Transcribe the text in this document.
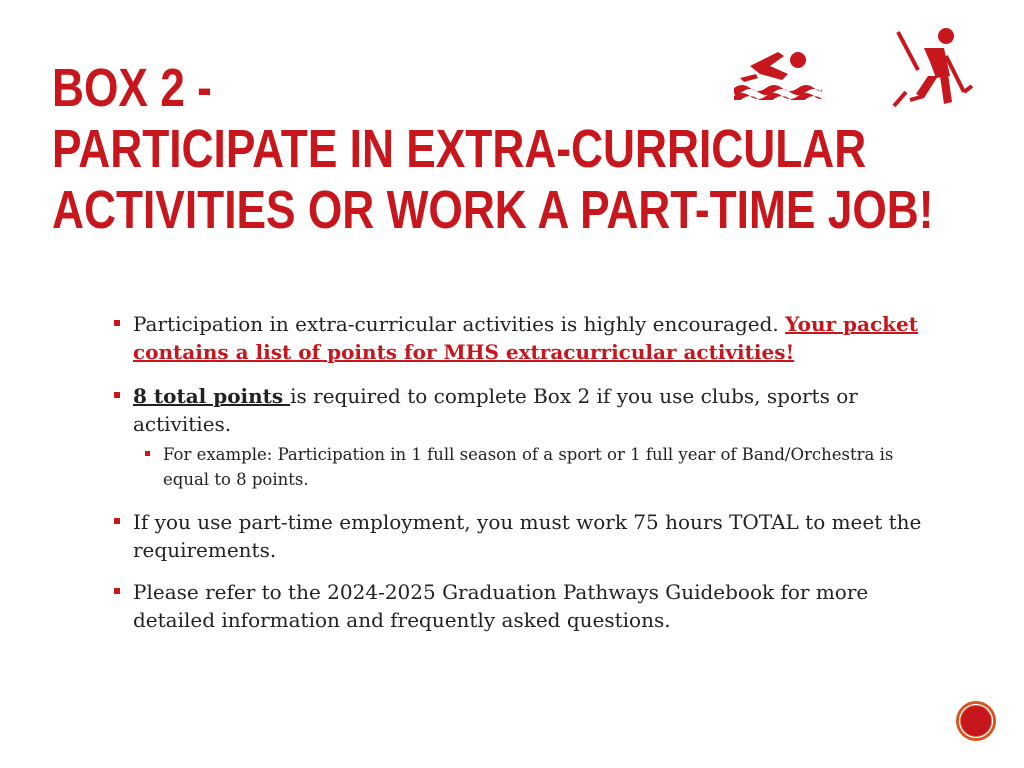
BOX 2 -
PARTICIPATE IN EXTRA-CURRICULAR
ACTIVITIES OR WORK A PART-TIME JOB!
Participation in extra-curricular activities is highly encouraged. Your packet contains a list of points for MHS extracurricular activities!
8 total points is required to complete Box 2 if you use clubs, sports or activities.
For example: Participation in 1 full season of a sport or 1 full year of Band/Orchestra is equal to 8 points.
If you use part-time employment, you must work 75 hours TOTAL to meet the requirements.
Please refer to the 2024-2025 Graduation Pathways Guidebook for more detailed information and frequently asked questions.
